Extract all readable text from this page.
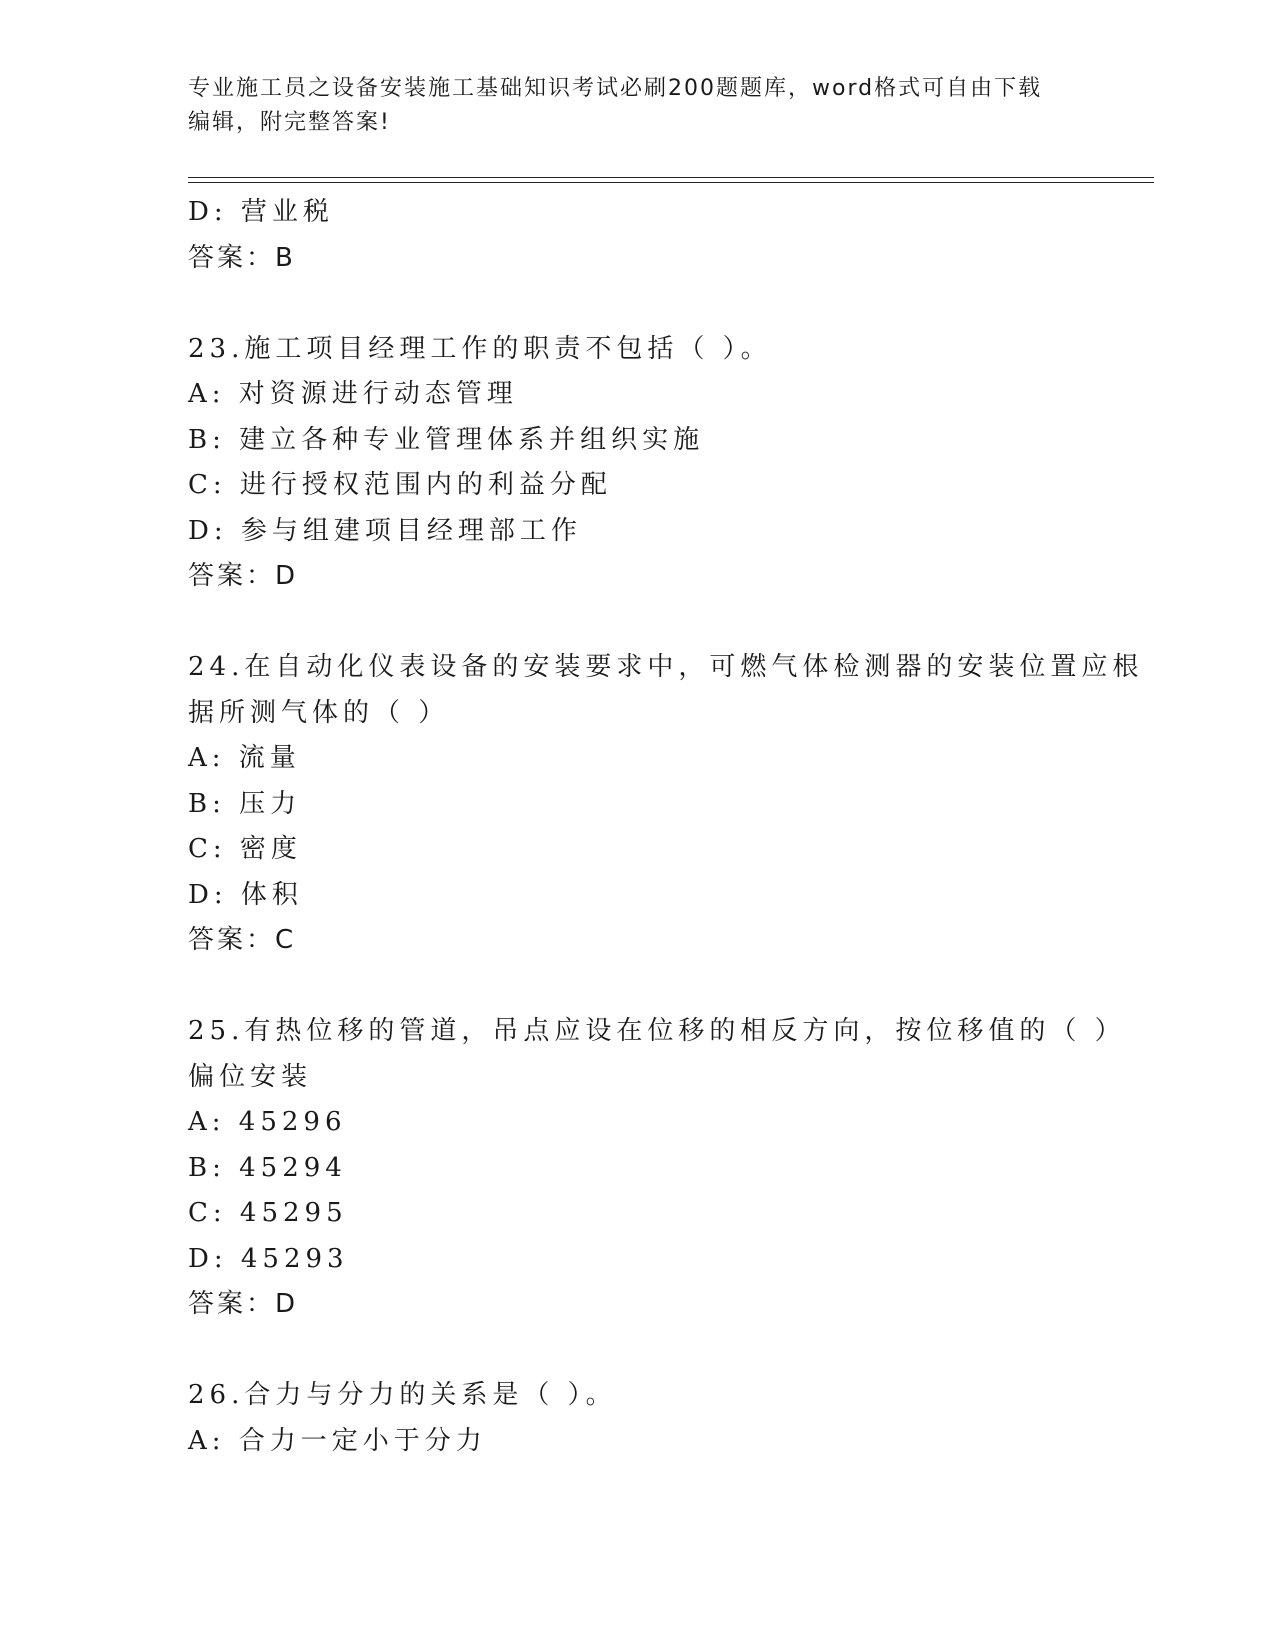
专业施工员之设备安装施工基础知识考试必刷200题题库，word格式可自由下载
编辑，附完整答案!
D: 营业税
答案：B
23.施工项目经理工作的职责不包括（ ）。
A: 对资源进行动态管理
B: 建立各种专业管理体系并组织实施
C: 进行授权范围内的利益分配
D: 参与组建项目经理部工作
答案：D
24.在自动化仪表设备的安装要求中，可燃气体检测器的安装位置应根
据所测气体的（ ）
A: 流量
B: 压力
C: 密度
D: 体积
答案：C
25.有热位移的管道，吊点应设在位移的相反方向，按位移值的（ ）
偏位安装
A: 45296
B: 45294
C: 45295
D: 45293
答案：D
26.合力与分力的关系是（ ）。
A: 合力一定小于分力
